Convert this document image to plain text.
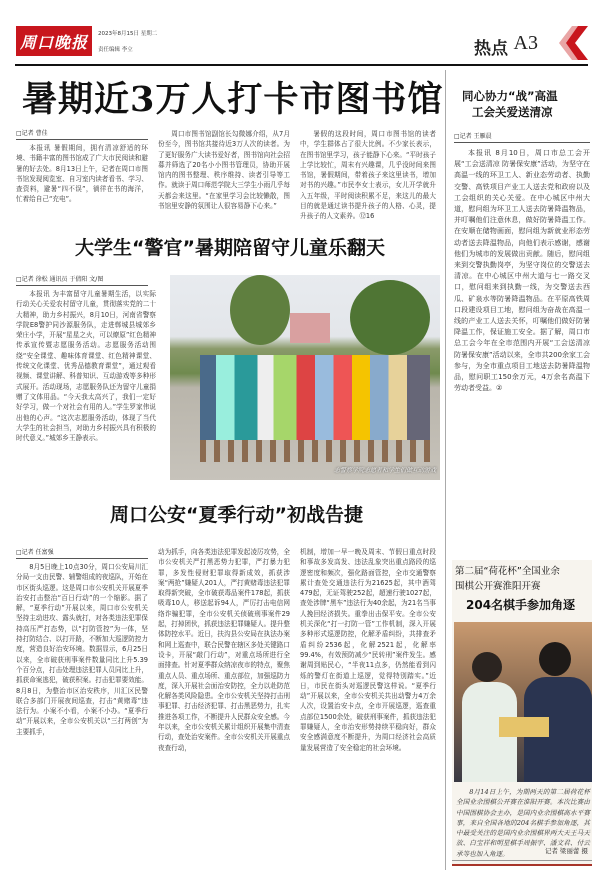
周口晚报	2023年8月15日 星期二
责任编辑 李立	热点 A3
暑期近3万人打卡市图书馆
□记者 曹佳

本报讯 暑假期间，拥有清凉舒适的环境、书籍丰富的图书馆成了广大市民阅读和避暑的好去处。8月13日上午，记者在周口市图书馆发现阅览室、自习室内读者看书、学习、查资料，避暑“四不误”，徜徉在书的海洋，忙着给自己“充电”。

周口市图书馆副馆长勾微娜介绍，从7月份至今，图书馆共接待近3万人次的读者。为了更好服务广大读书爱好者，图书馆向社会招募并筛选了20名小小图书管理员，协助开展馆内的图书整理、秩序维持、读者引导等工作。就读于周口师范学院大三学生小雨几乎每天都会来这里。“在家里学习会比较懒散，图书馆里安静的氛围让人很容易静下心来。”

暑假的这段时间，周口市图书馆的读者中，学生群体占了很大比例。不少家长表示，在图书馆里学习，孩子能静下心来。“平时孩子上学比较忙，周末有兴趣课，几乎没时间来图书馆，暑假期间，带着孩子来这里读书，增加对书的兴趣。”市民李女士表示，女儿开学就升入五年级，平时阅读积累不足，来这儿的最大目的就是通过读书提升孩子的人格、心灵，提升孩子的人文素养。⑫16

大学生“警官”暑期陪留守儿童乐翻天
□记者 徐松 通讯员 于倩阳 文/图

本报讯 为丰富留守儿童暑期生活，以实际行动关心关爱农村留守儿童，贯彻落实党的二十大精神，助力乡村振兴，8月10日，河南省警察学院E8警护同沙源服务队，走进郸城县城郊乡荣庄小学，开展“星星之火，可以燎原”红色精神传承宣传暨志愿服务活动。志愿服务活动围绕“安全课堂、趣味体育课堂、红色精神课堂、传统文化课堂、优秀品德教育课堂”，通过观看视频、课堂讲解、科普知识、互动游戏等多种形式展开。活动现场，志愿服务队还为留守儿童捐赠了文体用品。“今天我太高兴了，我们一定好好学习，做一个对社会有用的人。”学生罗家伟说出他的心声。“这次志愿服务活动，体现了当代大学生的社会担当，对助力乡村振兴具有积极的时代意义。”城郊乡王静表示。

志警察学院志愿者和学生们做互动游戏
周口公安“夏季行动”初战告捷
□记者 任富强

8月5日晚上10点30分，周口公安局川汇分局一支由民警、辅警组成的夜巡队，开始在市区街头巡逻。这是周口市公安机关开展夏季治安打击整治“百日行动”的一个缩影。据了解，“夏季行动”开展以来，周口市公安机关坚持主动进攻、露头就打，对各类违法犯罪保持高压严打态势，以“打防管控”为一体，坚持打防结合、以打开路，不断加大巡逻防控力度，营造良好治安环境。数据显示，6月25日以来，全市破获刑事案件数量同比上升5.39个百分点，打击处理违法犯罪人员同比上升，抓获命案逃犯，破获积案。打击犯罪要效能。8月8日，为整治市区治安秩序，川汇区民警联合多部门开展夜间巡查，打击“黄赌毒”违法行为。小案不小看，小案不小办。“夏季行动”开展以来，全市公安机关以“三打两创”为主要抓手，

动为抓手，向各类违法犯罪发起凌厉攻势，全市公安机关严打黑恶势力犯罪，严打暴力犯罪，多发性侵财犯罪取得新成效，抓获涉案“两抢”嫌疑人201人，严打黄赌毒违法犯罪取得新突破，全市破获毒品案件178起，抓获吸毒10人，移送起诉94人，严厉打击电信网络诈骗犯罪，全市公安机关侦破刑事案件29起，打掉团伙，抓获违法犯罪嫌疑人。提升整体防控水平。近日，扶沟县公安局在执法办案和网上巡查中，联合民警在辖区多处关键路口设卡，开展“敲门行动”，对重点场所进行全面排查。针对夏季群众纳凉夜市的特点，聚焦重点人员、重点场所、重点部位，加强巡防力度，深入开展社会面治安防控，全力以赴防范化解各类风险隐患。全市公安机关坚持打击刑事犯罪、打击经济犯罪、打击黑恶势力，扎实推进各项工作，不断提升人民群众安全感。今年以来，全市公安机关累计组织开展集中清查行动，查处治安案件。全市公安机关开展重点夜查行动，

机制，增加一早一晚及周末、节假日重点时段和事故多发高发、违法乱象突出重点路段的巡逻密度和频次，强化路面管控，全市交通警察累计查处交通违法行为21625起，其中酒驾479起，无证驾驶252起，超速行驶1027起，查处涉牌“黑车”违法行为40余起，为21名当事人挽回经济损失。重拳出击保平安。全市公安机关深化“打一打防一管”工作机制，深入开展多种形式巡逻防控，化解矛盾纠纷，共排查矛盾纠纷2536起，化解2521起，化解率99.4%，有效预防减少“民转刑”案件发生。感谢周到贴民心，“半夜11点多，仍然能看到闪烁的警灯在街道上巡逻，觉得特别踏实。”近日，市民在街头对巡逻民警这样说。“夏季行动”开展以来，全市公安机关共出动警力4万余人次，设置治安卡点，全市开展巡逻，巡查重点部位1500余处，破获刑事案件，抓获违法犯罪嫌疑人，全市治安形势持续平稳向好，群众安全感满意度不断提升，为周口经济社会高质量发展营造了安全稳定的社会环境。

同心协力“战”高温
工会关爱送清凉
□记者 王雁晨

本报讯 8月10日，周口市总工会开展“工会送清凉 防暑保安康”活动，为坚守在高温一线的环卫工人、新业态劳动者、执勤交警、高铁项目产业工人送去党和政府以及工会组织的关心关爱。在中心城区中州大道，慰问组为环卫工人送去防暑降温物品，并叮嘱他们注意休息，做好防暑降温工作。在安顺在储物画面，慰问组为新就业形态劳动者送去降温物品，向他们表示感谢，感谢他们为城市的发展做出贡献。随后，慰问组来到交警执勤岗亭，为坚守岗位的交警送去清凉。在中心城区中州大道与七一路交叉口，慰问组来到执勤一线，为交警送去西瓜、矿泉水等防暑降温物品。在平原高铁周口段建设项目工地，慰问组为奋战在高温一线的产业工人送去关怀，叮嘱他们做好防暑降温工作，保证施工安全。据了解，周口市总工会今年在全市范围内开展“工会送清凉 防暑保安康”活动以来，全市共200余家工会参与，为全市重点项目工地送去防暑降温物品，慰问职工150余万元，4万余名高温下劳动者受益。②

第二届“荷花杯”全国业余
围棋公开赛淮阳开赛
204名棋手参加角逐

8月14日上午，为期两天的第二届荷花杯全国业余围棋公开赛在淮阳开赛。本次比赛由中国围棋协会主办，是国内业余围棋高水平赛事，来自全国各地的204名棋手参加角逐，其中最受关注的是国内业余围棋界两大天王马天放、白宝祥和明星棋手周振宇、潘文君、付云承等也加入角逐。	记者 梁丽蕾 摄
